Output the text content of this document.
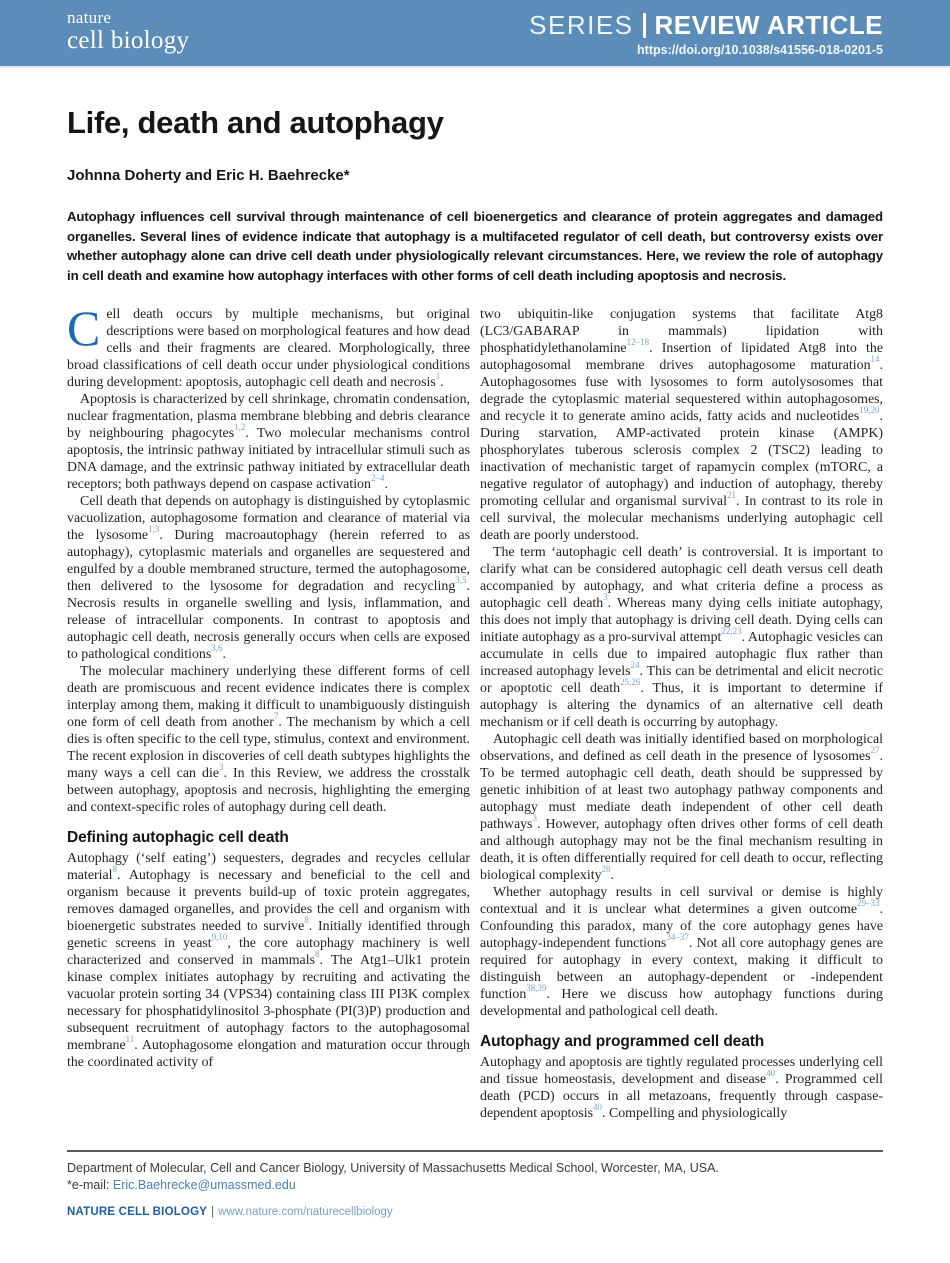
nature
cell biology
SERIES REVIEW ARTICLE
https://doi.org/10.1038/s41556-018-0201-5
Life, death and autophagy
Johnna Doherty and Eric H. Baehrecke*
Autophagy influences cell survival through maintenance of cell bioenergetics and clearance of protein aggregates and damaged organelles. Several lines of evidence indicate that autophagy is a multifaceted regulator of cell death, but controversy exists over whether autophagy alone can drive cell death under physiologically relevant circumstances. Here, we review the role of autophagy in cell death and examine how autophagy interfaces with other forms of cell death including apoptosis and necrosis.

Cell death occurs by multiple mechanisms, but original descriptions were based on morphological features and how dead cells and their fragments are cleared. Morphologically, three broad classifications of cell death occur under physiological conditions during development: apoptosis, autophagic cell death and necrosis$^1$.

Apoptosis is characterized by cell shrinkage, chromatin condensation, nuclear fragmentation, plasma membrane blebbing and debris clearance by neighbouring phagocytes$^{1,2}$. Two molecular mechanisms control apoptosis, the intrinsic pathway initiated by intracellular stimuli such as DNA damage, and the extrinsic pathway initiated by extracellular death receptors; both pathways depend on caspase activation$^{2-4}$.

Cell death that depends on autophagy is distinguished by cytoplasmic vacuolization, autophagosome formation and clearance of material via the lysosome$^{1,3}$. During macroautophagy (herein referred to as autophagy), cytoplasmic materials and organelles are sequestered and engulfed by a double membraned structure, termed the autophagosome, then delivered to the lysosome for degradation and recycling$^{3,5}$. Necrosis results in organelle swelling and lysis, inflammation, and release of intracellular components. In contrast to apoptosis and autophagic cell death, necrosis generally occurs when cells are exposed to pathological conditions$^{3,6}$.

The molecular machinery underlying these different forms of cell death are promiscuous and recent evidence indicates there is complex interplay among them, making it difficult to unambiguously distinguish one form of cell death from another$^7$. The mechanism by which a cell dies is often specific to the cell type, stimulus, context and environment. The recent explosion in discoveries of cell death subtypes highlights the many ways a cell can die$^3$. In this Review, we address the crosstalk between autophagy, apoptosis and necrosis, highlighting the emerging and context-specific roles of autophagy during cell death.

Defining autophagic cell death

Autophagy (‘self eating’) sequesters, degrades and recycles cellular material$^8$. Autophagy is necessary and beneficial to the cell and organism because it prevents build-up of toxic protein aggregates, removes damaged organelles, and provides the cell and organism with bioenergetic substrates needed to survive$^8$. Initially identified through genetic screens in yeast$^{9,10}$, the core autophagy machinery is well characterized and conserved in mammals$^8$. The Atg1–Ulk1 protein kinase complex initiates autophagy by recruiting and activating the vacuolar protein sorting 34 (VPS34) containing class III PI3K complex necessary for phosphatidylinositol 3-phosphate (PI(3)P) production and subsequent recruitment of autophagy factors to the autophagosomal membrane$^{11}$. Autophagosome elongation and maturation occur through the coordinated activity of

two ubiquitin-like conjugation systems that facilitate Atg8 (LC3/GABARAP in mammals) lipidation with phosphatidylethanolamine$^{12-18}$. Insertion of lipidated Atg8 into the autophagosomal membrane drives autophagosome maturation$^{14}$. Autophagosomes fuse with lysosomes to form autolysosomes that degrade the cytoplasmic material sequestered within autophagosomes, and recycle it to generate amino acids, fatty acids and nucleotides$^{19,20}$. During starvation, AMP-activated protein kinase (AMPK) phosphorylates tuberous sclerosis complex 2 (TSC2) leading to inactivation of mechanistic target of rapamycin complex (mTORC, a negative regulator of autophagy) and induction of autophagy, thereby promoting cellular and organismal survival$^{21}$. In contrast to its role in cell survival, the molecular mechanisms underlying autophagic cell death are poorly understood.

The term ‘autophagic cell death’ is controversial. It is important to clarify what can be considered autophagic cell death versus cell death accompanied by autophagy, and what criteria define a process as autophagic cell death$^3$. Whereas many dying cells initiate autophagy, this does not imply that autophagy is driving cell death. Dying cells can initiate autophagy as a pro-survival attempt$^{22,23}$. Autophagic vesicles can accumulate in cells due to impaired autophagic flux rather than increased autophagy levels$^{24}$. This can be detrimental and elicit necrotic or apoptotic cell death$^{25,26}$. Thus, it is important to determine if autophagy is altering the dynamics of an alternative cell death mechanism or if cell death is occurring by autophagy.

Autophagic cell death was initially identified based on morphological observations, and defined as cell death in the presence of lysosomes$^{27}$. To be termed autophagic cell death, death should be suppressed by genetic inhibition of at least two autophagy pathway components and autophagy must mediate death independent of other cell death pathways$^3$. However, autophagy often drives other forms of cell death and although autophagy may not be the final mechanism resulting in death, it is often differentially required for cell death to occur, reflecting biological complexity$^{28}$.

Whether autophagy results in cell survival or demise is highly contextual and it is unclear what determines a given outcome$^{29-33}$. Confounding this paradox, many of the core autophagy genes have autophagy-independent functions$^{34-37}$. Not all core autophagy genes are required for autophagy in every context, making it difficult to distinguish between an autophagy-dependent or -independent function$^{38,39}$. Here we discuss how autophagy functions during developmental and pathological cell death.

Autophagy and programmed cell death

Autophagy and apoptosis are tightly regulated processes underlying cell and tissue homeostasis, development and disease$^{40}$. Programmed cell death (PCD) occurs in all metazoans, frequently through caspase-dependent apoptosis$^{40}$. Compelling and physiologically

Department of Molecular, Cell and Cancer Biology, University of Massachusetts Medical School, Worcester, MA, USA.
*e-mail: Eric.Baehrecke@umassmed.edu
NATURE CELL BIOLOGY | www.nature.com/naturecellbiology
